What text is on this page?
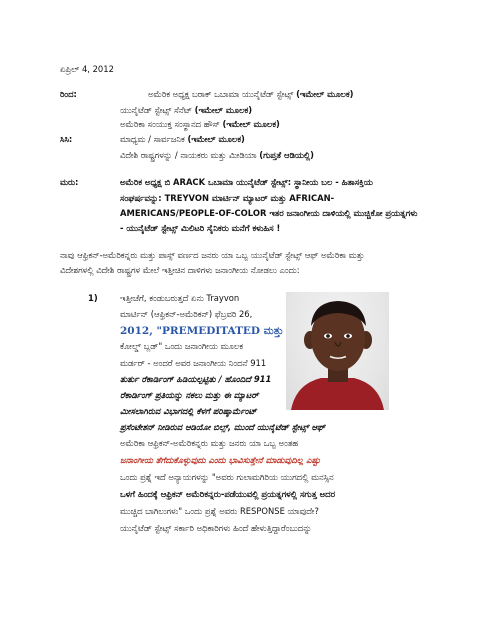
ಏಪ್ರಿಲ್ 4, 2012
ರಿಂದ:	ಅಮೆರಿಕ ಅಧ್ಯಕ್ಷ ಬರಾಕ್ ಒಬಾಮಾ ಯುನೈಟೆಡ್ ಸ್ಟೇಟ್ಸ್ (ಇಮೇಲ್ ಮೂಲಕ)
ಯುನೈಟೆಡ್ ಸ್ಟೇಟ್ಸ್ ಸೆನೆಟ್ (ಇಮೇಲ್ ಮೂಲಕ)
ಅಮೆರಿಕಾ ಸಂಯುಕ್ತ ಸಂಸ್ಥಾನದ ಹೌಸ್ (ಇಮೇಲ್ ಮೂಲಕ)
ಸಿಸಿ:	ಮಾಧ್ಯಮ / ಸಾರ್ವಜನಿಕ (ಇಮೇಲ್ ಮೂಲಕ)
ವಿದೇಶಿ ರಾಷ್ಟ್ರಗಳನ್ನು / ನಾಯಕರು ಮತ್ತು ಮೀಡಿಯಾ (ಗುಪ್ತತೆ ಆಡಿಯಲ್ಲಿ)
ಮರು:	ಅಮೆರಿಕ ಅಧ್ಯಕ್ಷ ಬಿ ARACK ಒಬಾಮಾ ಯುನೈಟೆಡ್ ಸ್ಟೇಟ್ಸ್: ಸ್ಥಾನೀಯ ಬಲ - ಹಿತಾಸಕ್ತಿಯ
ಸಂಘರ್ಷವನ್ನು: TREYVON ಮಾರ್ಟಿನ್ ಮ್ಯಾಟರ್ ಮತ್ತು AFRICAN-
AMERICANS/PEOPLE-OF-COLOR ಇತರ ಜನಾಂಗೀಯ ದಾಳಿಯಲ್ಲಿ ಮುಚ್ಚಿಕೋ ಪ್ರಯತ್ನಗಳು
- ಯುನೈಟೆಡ್ ಸ್ಟೇಟ್ಸ್ ಮಿಲಿಟರಿ ಸೈನಿಕರು ಮನೆಗೆ ಕಳುಹಿಸ !
ನಾವು ಆಫ್ರಿಕನ್-ಅಮೆರಿಕನ್ನರು ಮತ್ತು ಪಾಸ್ಸ್ ವರ್ಣದ ಜನರು ಯಾ ಒಬ್ಬ ಯುನೈಟೆಡ್ ಸ್ಟೇಟ್ಸ್ ಆಫ್ ಅಮೆರಿಕಾ ಮತ್ತು
ವಿದೇಶಗಳಲ್ಲಿ ವಿದೇಶಿ ರಾಷ್ಟ್ರಗಳ ಮೇಲೆ ಇತ್ತೀಚಿನ ದಾಳಿಗಳು ಜನಾಂಗೀಯ ನೋಡಲು ಎಂದು:
1)	ಇತ್ತೀಚೆಗೆ, ಕಂಡುಬರುತ್ತದೆ ಏನು Trayvon
ಮಾರ್ಟಿನ್ (ಆಫ್ರಿಕನ್-ಅಮೆರಿಕನ್) ಫೆಬ್ರವರಿ 26,
2012, "PREMEDITATED ಮತ್ತು
ಕೋಲ್ಡ್ ಬ್ಲಡ್" ಒಂದು ಜನಾಂಗೀಯ ಮೂಲಕ
ಮರ್ಡರ್ - ಅಂದರೆ ಅವರ ಜನಾಂಗೀಯ ನಿಂದನೆ 911
ತುರ್ತು ರೆಕಾರ್ಡಿಂಗ್ ಹಿಡಿಯಲ್ಪಟ್ಟಿತು / ಹೊಂದಿದೆ 911
ರೆಕಾರ್ಡಿಂಗ್ ಪ್ರತಿಯನ್ನು ನಕಲು ಮತ್ತು ಈ ಮ್ಯಾಟರ್
ಮೀಸಲಾಗಿರುವ ವಿಭಾಗದಲ್ಲಿ ಕೆಳಗೆ ಪರಿಷ್ಕಾರ್ಮೆಂಟ್
ಪ್ರಸೆಂಟೇಶನ್ ನೀಡಿರುವ ಆಡಿಯೋ ಬಿಲ್ಸ್, ಮುಂದೆ ಯುನೈಟೆಡ್ ಸ್ಟೇಟ್ಸ್ ಆಫ್
ಅಮೆರಿಕಾ ಆಫ್ರಿಕನ್-ಅಮೆರಿಕನ್ನರು ಮತ್ತು ಜನರು ಯಾ ಒಬ್ಬ ಅಂತಹ
ಜನಾಂಗೀಯ ತೆಗೆದುಕೊಳ್ಳುವುದು ಎಂದು ಭಾವಿಸುತ್ತೇನೆ ಮಾಡುವುದಿಲ್ಲ ಎಷ್ಟು
ಒಂದು ಪ್ರಶ್ನೆ ಇದೆ ಅನ್ಯಾಯಗಳನ್ನು "ಅವರು ಗುಲಾಮಗಿರಿಯ ಯುಗದಲ್ಲಿ ಮನಸ್ಸಿನ
ಒಳಗೆ ಹಿಂದಕ್ಕೆ ಆಫ್ರಿಕನ್ ಅಮೆರಿಕನ್ನರು-ಪಡೆಯುವಲ್ಲಿ ಪ್ರಯತ್ನಗಳಲ್ಲಿ ಸಗುತ್ತ ಅದರ
ಮುಚ್ಚಿದ ಬಾಗಿಲುಗಳು" ಒಂದು ಪ್ರಶ್ನೆ ಅವರು RESPONSE ಯಾವುದೇ?
ಯುನೈಟೆಡ್ ಸ್ಟೇಟ್ಸ್ ಸರ್ಕಾರಿ ಅಧಿಕಾರಿಗಳು ಹಿಂದೆ ಹೇಳುತ್ತಿದ್ದಾರೆಂಬುದನ್ನು
